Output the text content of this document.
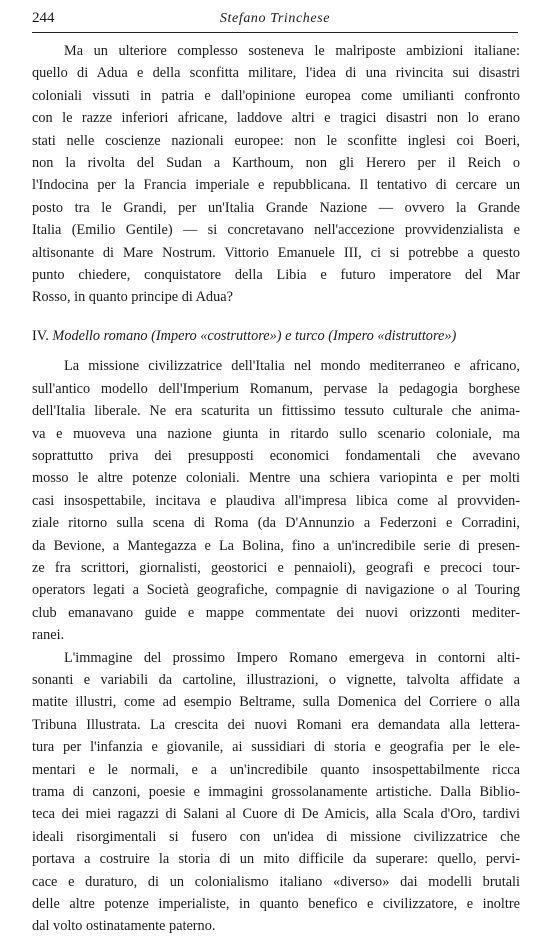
244	Stefano Trinchese
Ma un ulteriore complesso sosteneva le malriposte ambizioni italiane:
quello di Adua e della sconfitta militare, l'idea di una rivincita sui disastri
coloniali vissuti in patria e dall'opinione europea come umilianti confronto
con le razze inferiori africane, laddove altri e tragici disastri non lo erano
stati nelle coscienze nazionali europee: non le sconfitte inglesi coi Boeri,
non la rivolta del Sudan a Karthoum, non gli Herero per il Reich o
l'Indocina per la Francia imperiale e repubblicana. Il tentativo di cercare un
posto tra le Grandi, per un'Italia Grande Nazione — ovvero la Grande
Italia (Emilio Gentile) — si concretavano nell'accezione provvidenzialista e
altisonante di Mare Nostrum. Vittorio Emanuele III, ci si potrebbe a questo
punto chiedere, conquistatore della Libia e futuro imperatore del Mar
Rosso, in quanto principe di Adua?
IV. Modello romano (Impero «costruttore») e turco (Impero «distruttore»)
La missione civilizzatrice dell'Italia nel mondo mediterraneo e africano,
sull'antico modello dell'Imperium Romanum, pervase la pedagogia borghese
dell'Italia liberale. Ne era scaturita un fittissimo tessuto culturale che anima-
va e muoveva una nazione giunta in ritardo sullo scenario coloniale, ma
soprattutto priva dei presupposti economici fondamentali che avevano
mosso le altre potenze coloniali. Mentre una schiera variopinta e per molti
casi insospettabile, incitava e plaudiva all'impresa libica come al provviden-
ziale ritorno sulla scena di Roma (da D'Annunzio a Federzoni e Corradini,
da Bevione, a Mantegazza e La Bolina, fino a un'incredibile serie di presen-
ze fra scrittori, giornalisti, geostorici e pennaioli), geografi e precoci tour-
operators legati a Società geografiche, compagnie di navigazione o al Touring
club emanavano guide e mappe commentate dei nuovi orizzonti mediter-
ranei.
L'immagine del prossimo Impero Romano emergeva in contorni alti-
sonanti e variabili da cartoline, illustrazioni, o vignette, talvolta affidate a
matite illustri, come ad esempio Beltrame, sulla Domenica del Corriere o alla
Tribuna Illustrata. La crescita dei nuovi Romani era demandata alla lettera-
tura per l'infanzia e giovanile, ai sussidiari di storia e geografia per le ele-
mentari e le normali, e a un'incredibile quanto insospettabilmente ricca
trama di canzoni, poesie e immagini grossolanamente artistiche. Dalla Biblio-
teca dei miei ragazzi di Salani al Cuore di De Amicis, alla Scala d'Oro, tardivi
ideali risorgimentali si fusero con un'idea di missione civilizzatrice che
portava a costruire la storia di un mito difficile da superare: quello, pervi-
cace e duraturo, di un colonialismo italiano «diverso» dai modelli brutali
delle altre potenze imperialiste, in quanto benefico e civilizzatore, e inoltre
dal volto ostinatamente paterno.
